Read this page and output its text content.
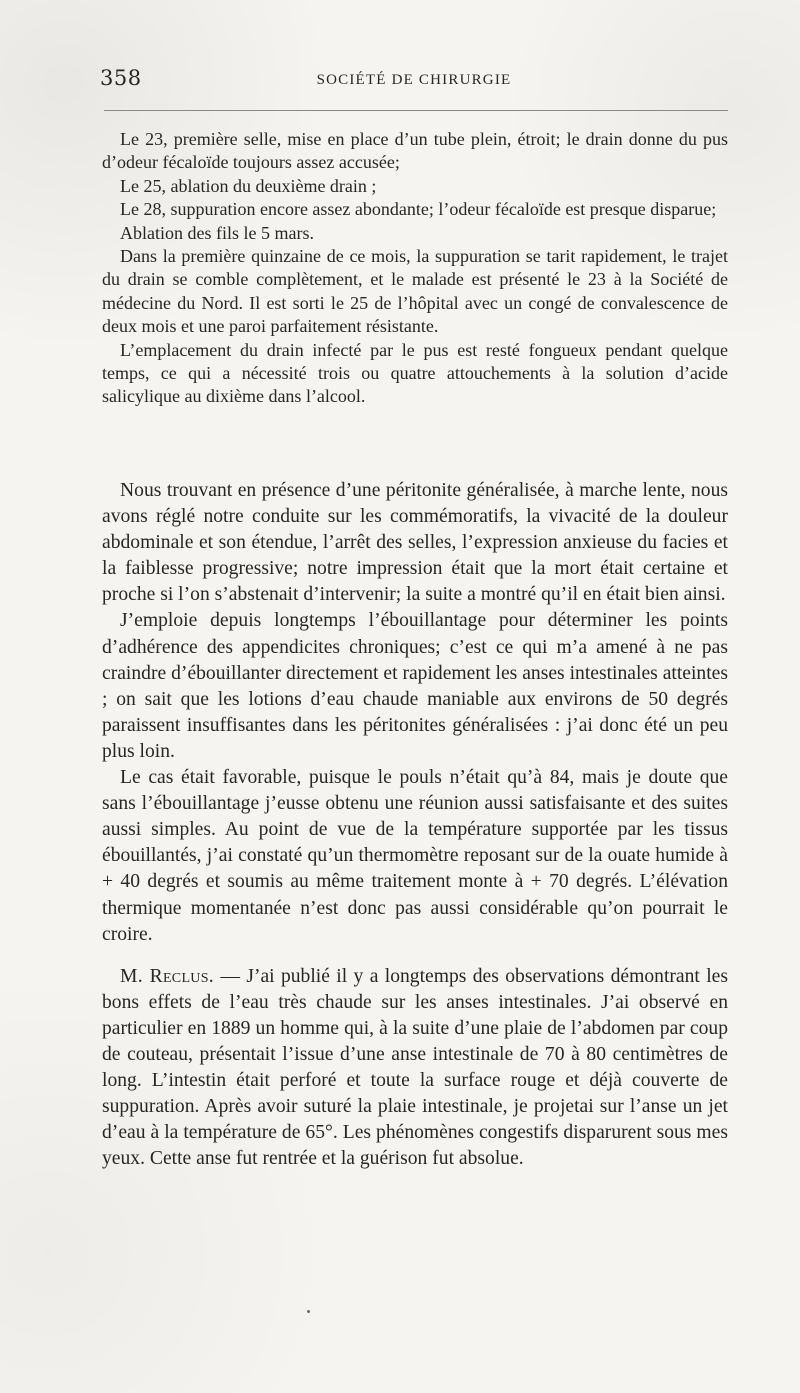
358	SOCIÉTÉ DE CHIRURGIE

Le 23, première selle, mise en place d’un tube plein, étroit; le drain donne du pus d’odeur fécaloïde toujours assez accusée;

Le 25, ablation du deuxième drain ;

Le 28, suppuration encore assez abondante; l’odeur fécaloïde est presque disparue;

Ablation des fils le 5 mars.

Dans la première quinzaine de ce mois, la suppuration se tarit rapidement, le trajet du drain se comble complètement, et le malade est présenté le 23 à la Société de médecine du Nord. Il est sorti le 25 de l’hôpital avec un congé de convalescence de deux mois et une paroi parfaitement résistante.

L’emplacement du drain infecté par le pus est resté fongueux pendant quelque temps, ce qui a nécessité trois ou quatre attouchements à la solution d’acide salicylique au dixième dans l’alcool.

Nous trouvant en présence d’une péritonite généralisée, à marche lente, nous avons réglé notre conduite sur les commémoratifs, la vivacité de la douleur abdominale et son étendue, l’arrêt des selles, l’expression anxieuse du facies et la faiblesse progressive; notre impression était que la mort était certaine et proche si l’on s’abstenait d’intervenir; la suite a montré qu’il en était bien ainsi.

J’emploie depuis longtemps l’ébouillantage pour déterminer les points d’adhérence des appendicites chroniques; c’est ce qui m’a amené à ne pas craindre d’ébouillanter directement et rapidement les anses intestinales atteintes ; on sait que les lotions d’eau chaude maniable aux environs de 50 degrés paraissent insuffisantes dans les péritonites généralisées : j’ai donc été un peu plus loin.

Le cas était favorable, puisque le pouls n’était qu’à 84, mais je doute que sans l’ébouillantage j’eusse obtenu une réunion aussi satisfaisante et des suites aussi simples. Au point de vue de la température supportée par les tissus ébouillantés, j’ai constaté qu’un thermomètre reposant sur de la ouate humide à + 40 degrés et soumis au même traitement monte à + 70 degrés. L’élévation thermique momentanée n’est donc pas aussi considérable qu’on pourrait le croire.

M. Reclus. — J’ai publié il y a longtemps des observations démontrant les bons effets de l’eau très chaude sur les anses intestinales. J’ai observé en particulier en 1889 un homme qui, à la suite d’une plaie de l’abdomen par coup de couteau, présentait l’issue d’une anse intestinale de 70 à 80 centimètres de long. L’intestin était perforé et toute la surface rouge et déjà couverte de suppuration. Après avoir suturé la plaie intestinale, je projetai sur l’anse un jet d’eau à la température de 65°. Les phénomènes congestifs disparurent sous mes yeux. Cette anse fut rentrée et la guérison fut absolue.
